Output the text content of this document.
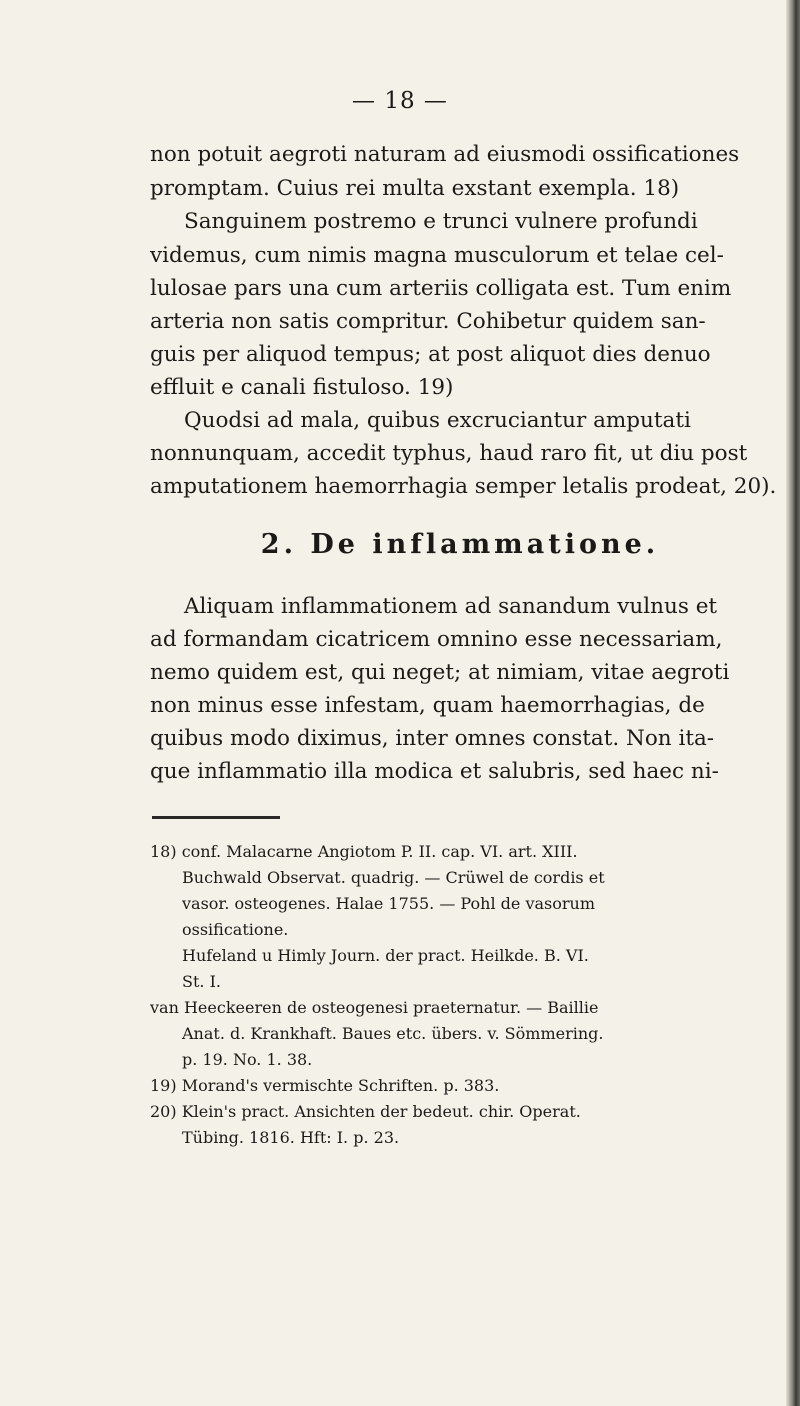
— 18 —
non potuit aegroti naturam ad eiusmodi ossificationes
promptam. Cuius rei multa exstant exempla. 18)
Sanguinem postremo e trunci vulnere profundi
videmus, cum nimis magna musculorum et telae cel-
lulosae pars una cum arteriis colligata est. Tum enim
arteria non satis compritur. Cohibetur quidem san-
guis per aliquod tempus; at post aliquot dies denuo
effluit e canali fistuloso. 19)
Quodsi ad mala, quibus excruciantur amputati
nonnunquam, accedit typhus, haud raro fit, ut diu post
amputationem haemorrhagia semper letalis prodeat, 20).
2. De inflammatione.
Aliquam inflammationem ad sanandum vulnus et
ad formandam cicatricem omnino esse necessariam,
nemo quidem est, qui neget; at nimiam, vitae aegroti
non minus esse infestam, quam haemorrhagias, de
quibus modo diximus, inter omnes constat. Non ita-
que inflammatio illa modica et salubris, sed haec ni-
18) conf. Malacarne Angiotom P. II. cap. VI. art. XIII.
Buchwald Observat. quadrig. — Crüwel de cordis et
vasor. osteogenes. Halae 1755. — Pohl de vasorum
ossificatione.
Hufeland u Himly Journ. der pract. Heilkde. B. VI.
St. I.
van Heeckeeren de osteogenesi praeternatur. — Baillie
Anat. d. Krankhaft. Baues etc. übers. v. Sömmering.
p. 19. No. 1. 38.
19) Morand's vermischte Schriften. p. 383.
20) Klein's pract. Ansichten der bedeut. chir. Operat.
Tübing. 1816. Hft: I. p. 23.
